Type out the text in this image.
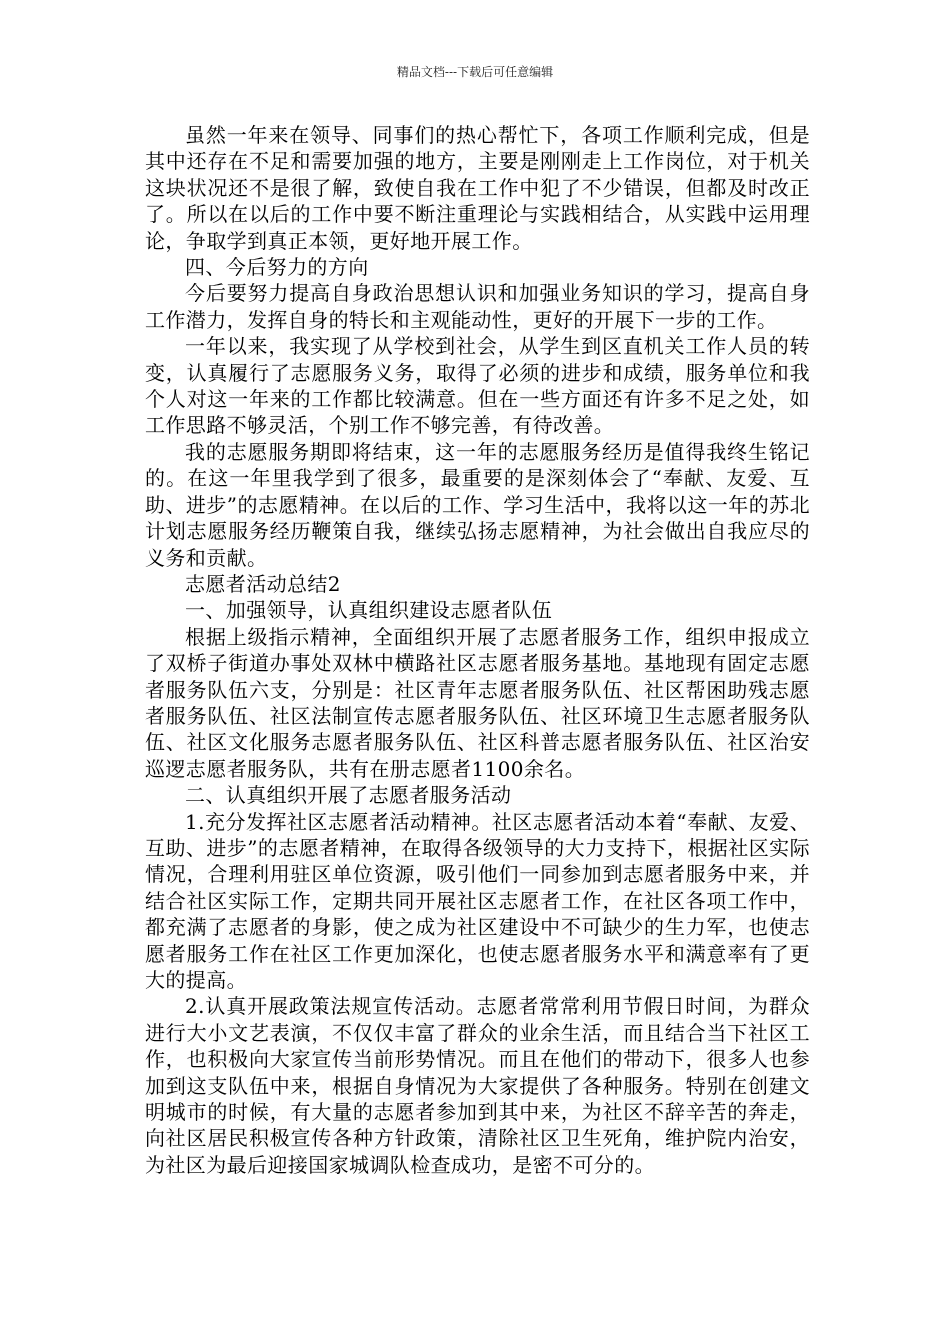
精品文档---下载后可任意编辑

虽然一年来在领导、同事们的热心帮忙下，各项工作顺利完成，但是其中还存在不足和需要加强的地方，主要是刚刚走上工作岗位，对于机关这块状况还不是很了解，致使自我在工作中犯了不少错误，但都及时改正了。所以在以后的工作中要不断注重理论与实践相结合，从实践中运用理论，争取学到真正本领，更好地开展工作。

四、今后努力的方向

今后要努力提高自身政治思想认识和加强业务知识的学习，提高自身工作潜力，发挥自身的特长和主观能动性，更好的开展下一步的工作。

一年以来，我实现了从学校到社会，从学生到区直机关工作人员的转变，认真履行了志愿服务义务，取得了必须的进步和成绩，服务单位和我个人对这一年来的工作都比较满意。但在一些方面还有许多不足之处，如工作思路不够灵活，个别工作不够完善，有待改善。

我的志愿服务期即将结束，这一年的志愿服务经历是值得我终生铭记的。在这一年里我学到了很多，最重要的是深刻体会了“奉献、友爱、互助、进步”的志愿精神。在以后的工作、学习生活中，我将以这一年的苏北计划志愿服务经历鞭策自我，继续弘扬志愿精神，为社会做出自我应尽的义务和贡献。

志愿者活动总结2

一、加强领导，认真组织建设志愿者队伍

根据上级指示精神，全面组织开展了志愿者服务工作，组织申报成立了双桥子街道办事处双林中横路社区志愿者服务基地。基地现有固定志愿者服务队伍六支，分别是：社区青年志愿者服务队伍、社区帮困助残志愿者服务队伍、社区法制宣传志愿者服务队伍、社区环境卫生志愿者服务队伍、社区文化服务志愿者服务队伍、社区科普志愿者服务队伍、社区治安巡逻志愿者服务队，共有在册志愿者1100余名。

二、认真组织开展了志愿者服务活动

1.充分发挥社区志愿者活动精神。社区志愿者活动本着“奉献、友爱、互助、进步”的志愿者精神，在取得各级领导的大力支持下，根据社区实际情况，合理利用驻区单位资源，吸引他们一同参加到志愿者服务中来，并结合社区实际工作，定期共同开展社区志愿者工作，在社区各项工作中，都充满了志愿者的身影，使之成为社区建设中不可缺少的生力军，也使志愿者服务工作在社区工作更加深化，也使志愿者服务水平和满意率有了更大的提高。

2.认真开展政策法规宣传活动。志愿者常常利用节假日时间，为群众进行大小文艺表演，不仅仅丰富了群众的业余生活，而且结合当下社区工作，也积极向大家宣传当前形势情况。而且在他们的带动下，很多人也参加到这支队伍中来，根据自身情况为大家提供了各种服务。特别在创建文明城市的时候，有大量的志愿者参加到其中来，为社区不辞辛苦的奔走，向社区居民积极宣传各种方针政策，清除社区卫生死角，维护院内治安，为社区为最后迎接国家城调队检查成功，是密不可分的。
